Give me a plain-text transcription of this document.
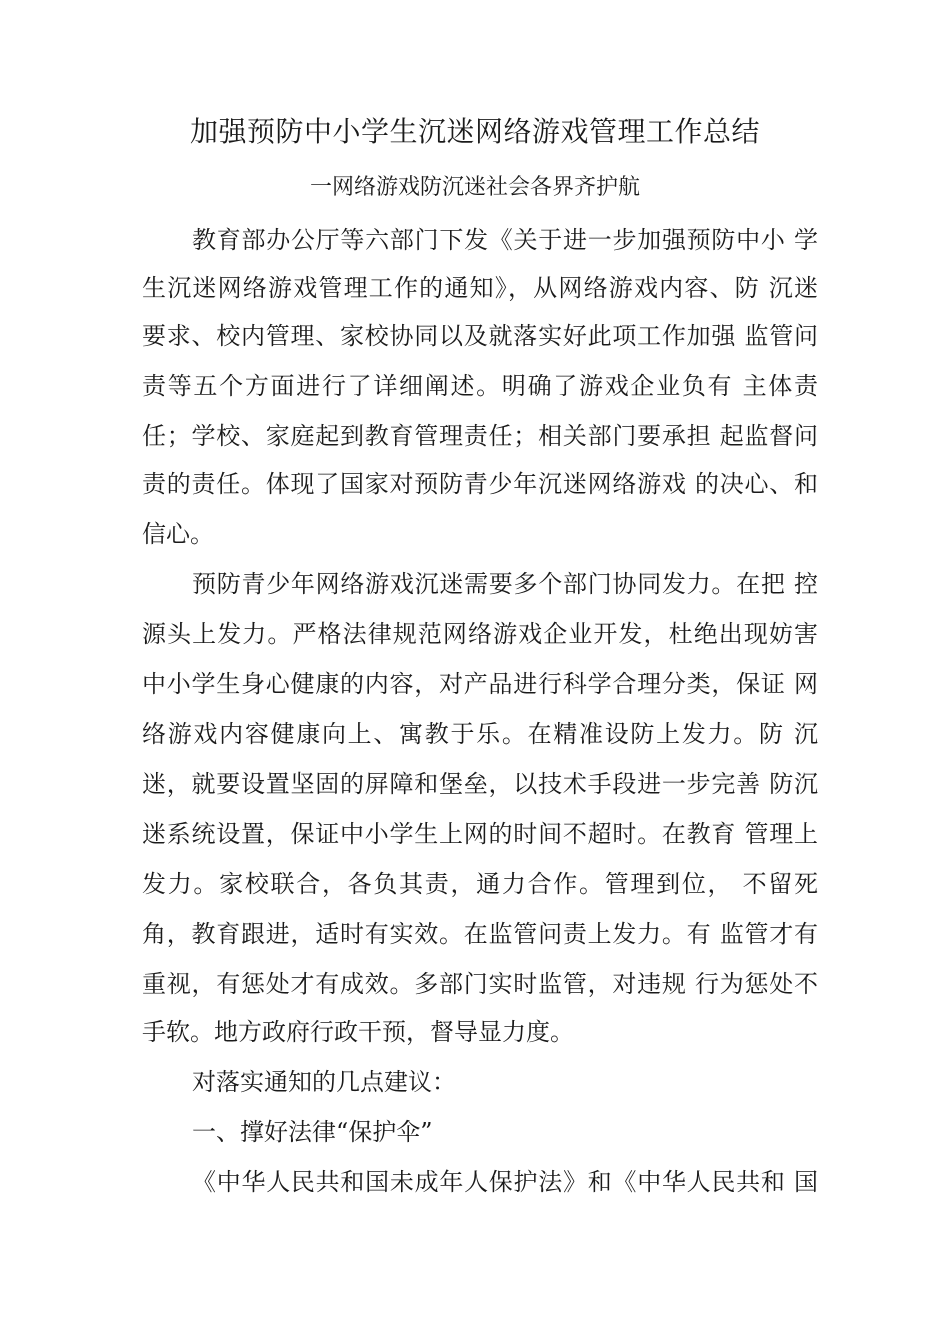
加强预防中小学生沉迷网络游戏管理工作总结
一网络游戏防沉迷社会各界齐护航
教育部办公厅等六部门下发《关于进一步加强预防中小 学
生沉迷网络游戏管理工作的通知》，从网络游戏内容、防 沉迷
要求、校内管理、家校协同以及就落实好此项工作加强 监管问
责等五个方面进行了详细阐述。明确了游戏企业负有 主体责
任；学校、家庭起到教育管理责任；相关部门要承担 起监督问
责的责任。体现了国家对预防青少年沉迷网络游戏 的决心、和
信心。
预防青少年网络游戏沉迷需要多个部门协同发力。在把 控
源头上发力。严格法律规范网络游戏企业开发，杜绝出现妨害
中小学生身心健康的内容，对产品进行科学合理分类，保证 网
络游戏内容健康向上、寓教于乐。在精准设防上发力。防 沉
迷，就要设置坚固的屏障和堡垒，以技术手段进一步完善 防沉
迷系统设置，保证中小学生上网的时间不超时。在教育 管理上
发力。家校联合，各负其责，通力合作。管理到位， 不留死
角，教育跟进，适时有实效。在监管问责上发力。有 监管才有
重视，有惩处才有成效。多部门实时监管，对违规 行为惩处不
手软。地方政府行政干预，督导显力度。
对落实通知的几点建议：
一、撑好法律“保护伞”
《中华人民共和国未成年人保护法》和《中华人民共和 国
